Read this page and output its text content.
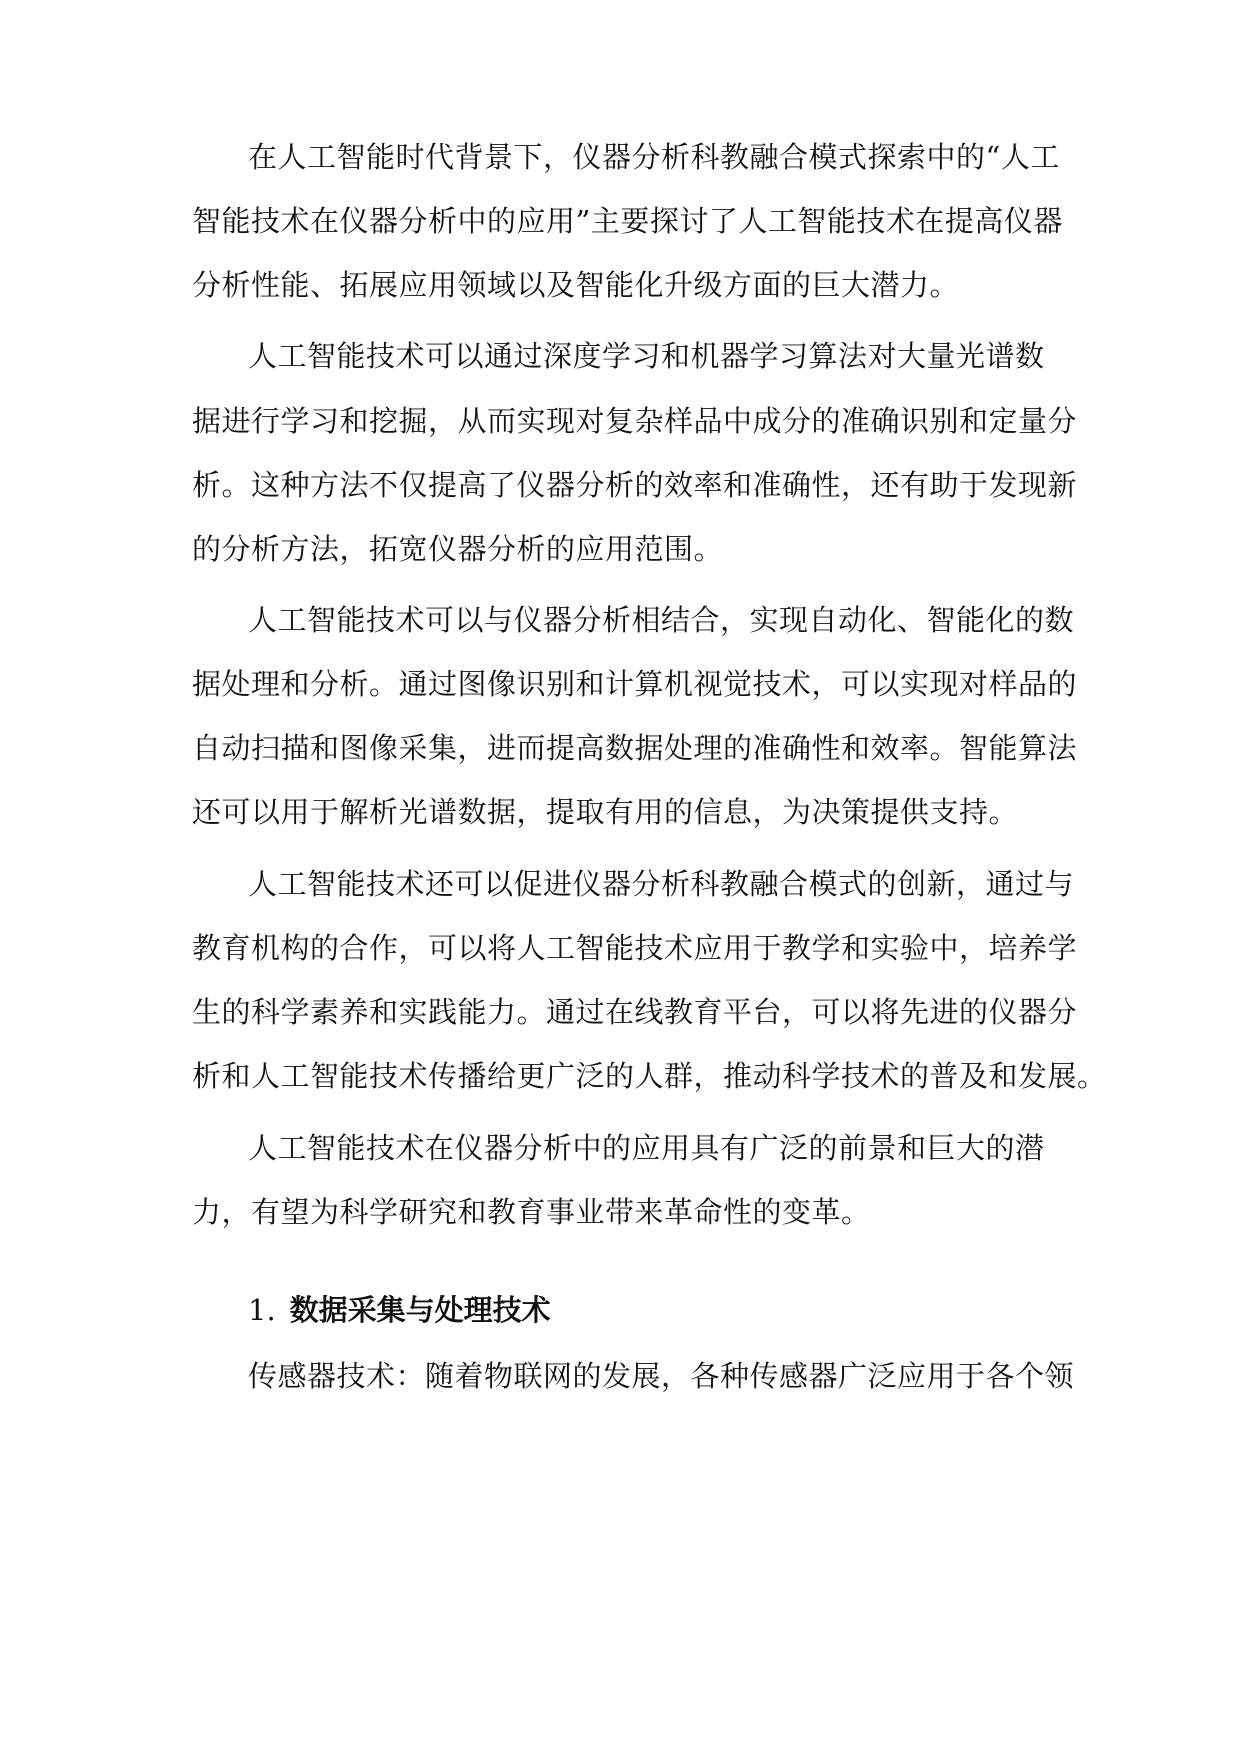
在人工智能时代背景下，仪器分析科教融合模式探索中的“人工
智能技术在仪器分析中的应用”主要探讨了人工智能技术在提高仪器
分析性能、拓展应用领域以及智能化升级方面的巨大潜力。
人工智能技术可以通过深度学习和机器学习算法对大量光谱数
据进行学习和挖掘，从而实现对复杂样品中成分的准确识别和定量分
析。这种方法不仅提高了仪器分析的效率和准确性，还有助于发现新
的分析方法，拓宽仪器分析的应用范围。
人工智能技术可以与仪器分析相结合，实现自动化、智能化的数
据处理和分析。通过图像识别和计算机视觉技术，可以实现对样品的
自动扫描和图像采集，进而提高数据处理的准确性和效率。智能算法
还可以用于解析光谱数据，提取有用的信息，为决策提供支持。
人工智能技术还可以促进仪器分析科教融合模式的创新，通过与
教育机构的合作，可以将人工智能技术应用于教学和实验中，培养学
生的科学素养和实践能力。通过在线教育平台，可以将先进的仪器分
析和人工智能技术传播给更广泛的人群，推动科学技术的普及和发展。
人工智能技术在仪器分析中的应用具有广泛的前景和巨大的潜
力，有望为科学研究和教育事业带来革命性的变革。
1. 数据采集与处理技术
传感器技术：随着物联网的发展，各种传感器广泛应用于各个领
